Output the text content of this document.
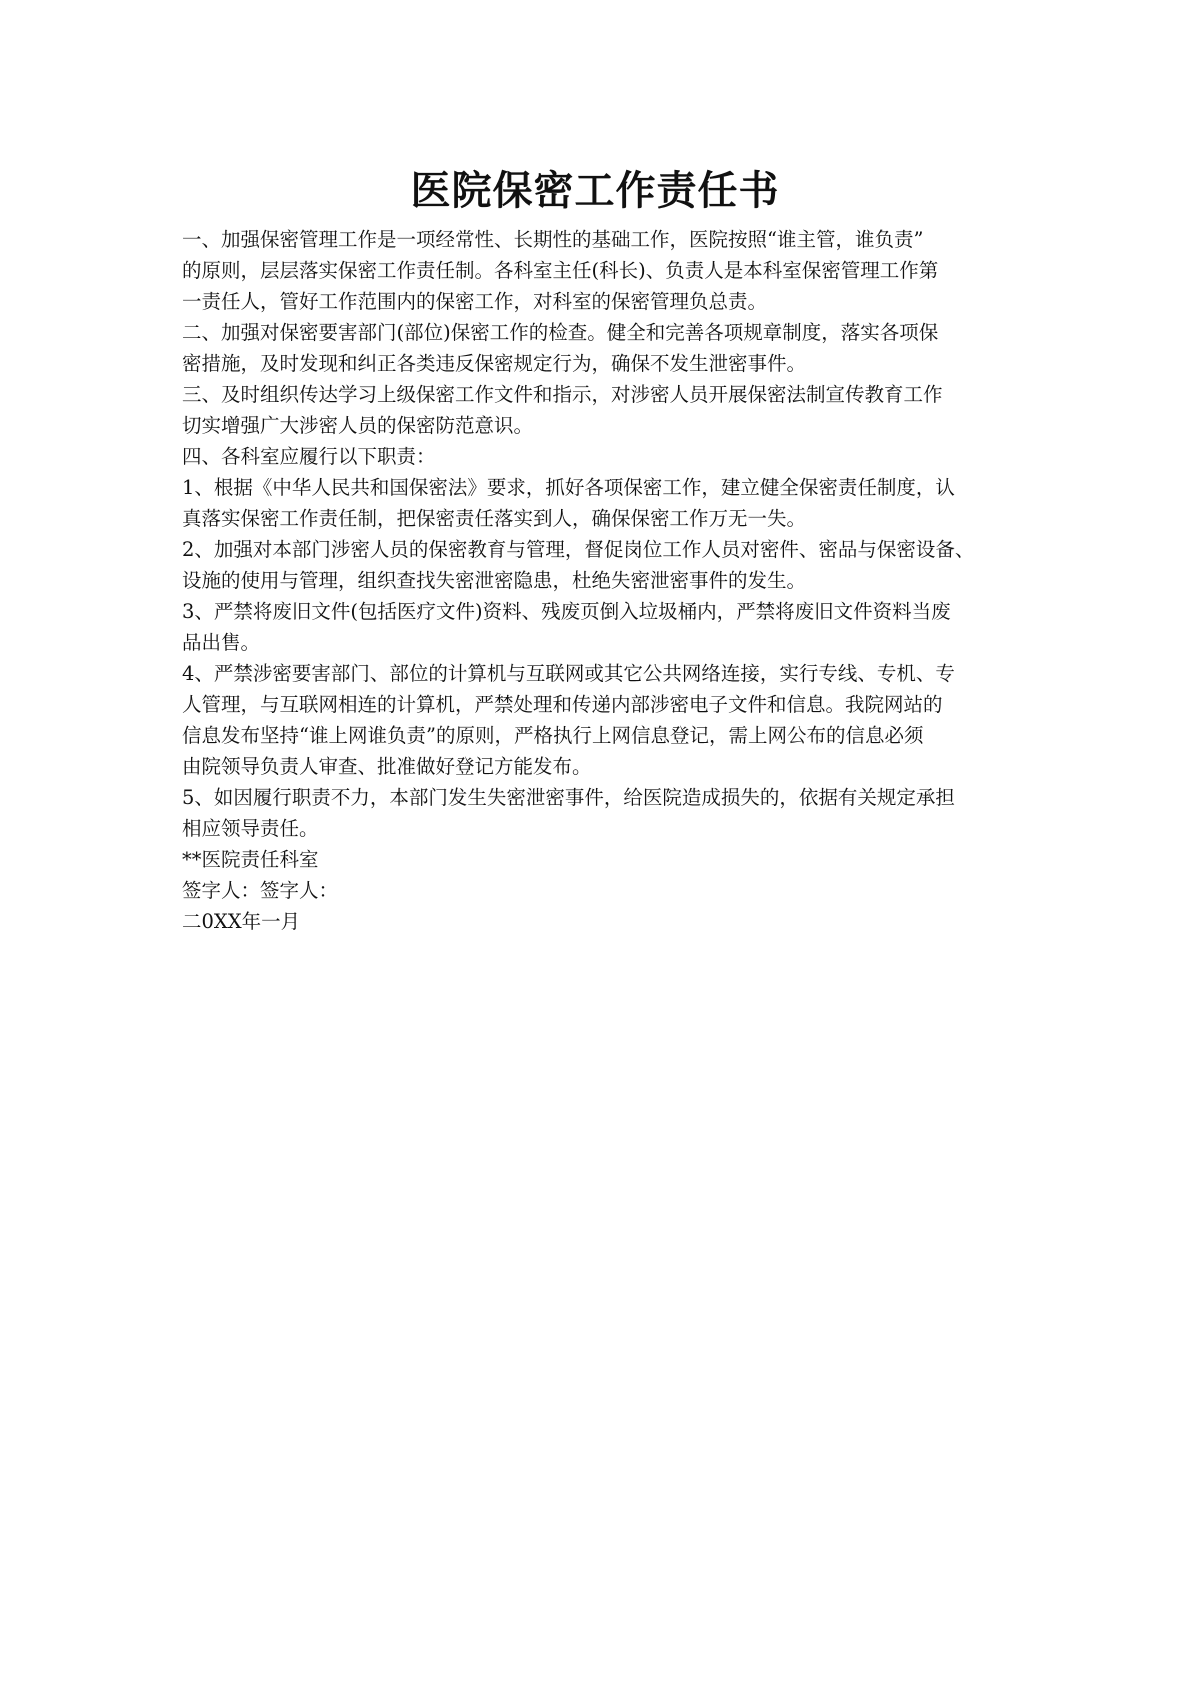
医院保密工作责任书

一、加强保密管理工作是一项经常性、长期性的基础工作，医院按照“谁主管，谁负责”

的原则，层层落实保密工作责任制。各科室主任(科长)、负责人是本科室保密管理工作第

一责任人，管好工作范围内的保密工作，对科室的保密管理负总责。

二、加强对保密要害部门(部位)保密工作的检查。健全和完善各项规章制度，落实各项保

密措施，及时发现和纠正各类违反保密规定行为，确保不发生泄密事件。

三、及时组织传达学习上级保密工作文件和指示，对涉密人员开展保密法制宣传教育工作

切实增强广大涉密人员的保密防范意识。

四、各科室应履行以下职责：

1、根据《中华人民共和国保密法》要求，抓好各项保密工作，建立健全保密责任制度，认

真落实保密工作责任制，把保密责任落实到人，确保保密工作万无一失。

2、加强对本部门涉密人员的保密教育与管理，督促岗位工作人员对密件、密品与保密设备、

设施的使用与管理，组织查找失密泄密隐患，杜绝失密泄密事件的发生。

3、严禁将废旧文件(包括医疗文件)资料、残废页倒入垃圾桶内，严禁将废旧文件资料当废

品出售。

4、严禁涉密要害部门、部位的计算机与互联网或其它公共网络连接，实行专线、专机、专

人管理，与互联网相连的计算机，严禁处理和传递内部涉密电子文件和信息。我院网站的

信息发布坚持“谁上网谁负责”的原则，严格执行上网信息登记，需上网公布的信息必须

由院领导负责人审查、批准做好登记方能发布。

5、如因履行职责不力，本部门发生失密泄密事件，给医院造成损失的，依据有关规定承担

相应领导责任。

**医院责任科室

签字人：签字人：

二0XX年一月
